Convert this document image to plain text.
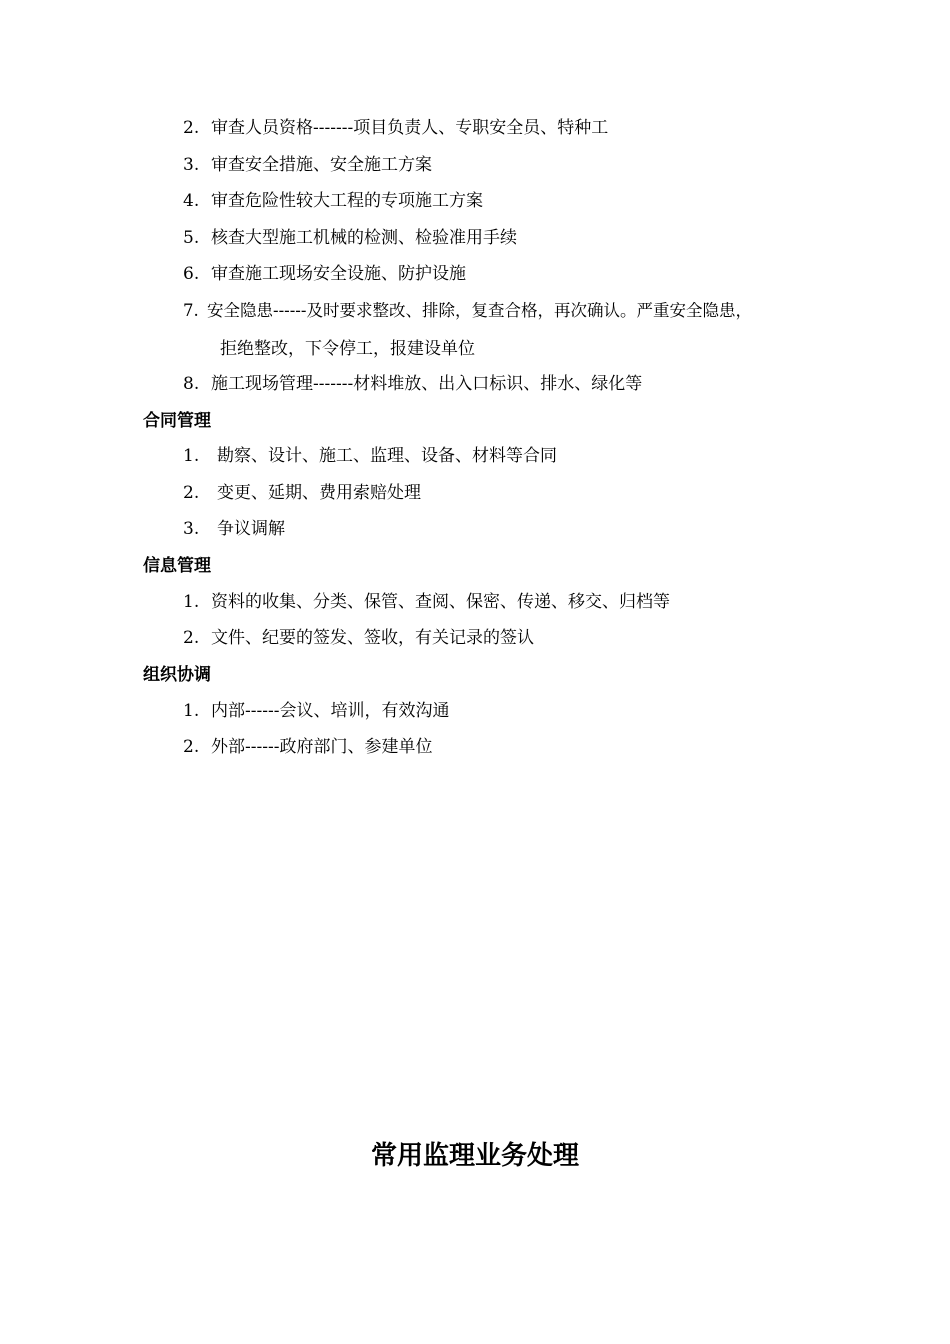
2. 审查人员资格-------项目负责人、专职安全员、特种工
3. 审查安全措施、安全施工方案
4. 审查危险性较大工程的专项施工方案
5. 核查大型施工机械的检测、检验准用手续
6. 审查施工现场安全设施、防护设施
7. 安全隐患------及时要求整改、排除，复查合格，再次确认。严重安全隐患，
拒绝整改，下令停工，报建设单位
8. 施工现场管理-------材料堆放、出入口标识、排水、绿化等
合同管理
1. 勘察、设计、施工、监理、设备、材料等合同
2. 变更、延期、费用索赔处理
3. 争议调解
信息管理
1. 资料的收集、分类、保管、查阅、保密、传递、移交、归档等
2. 文件、纪要的签发、签收，有关记录的签认
组织协调
1. 内部------会议、培训，有效沟通
2. 外部------政府部门、参建单位
常用监理业务处理
